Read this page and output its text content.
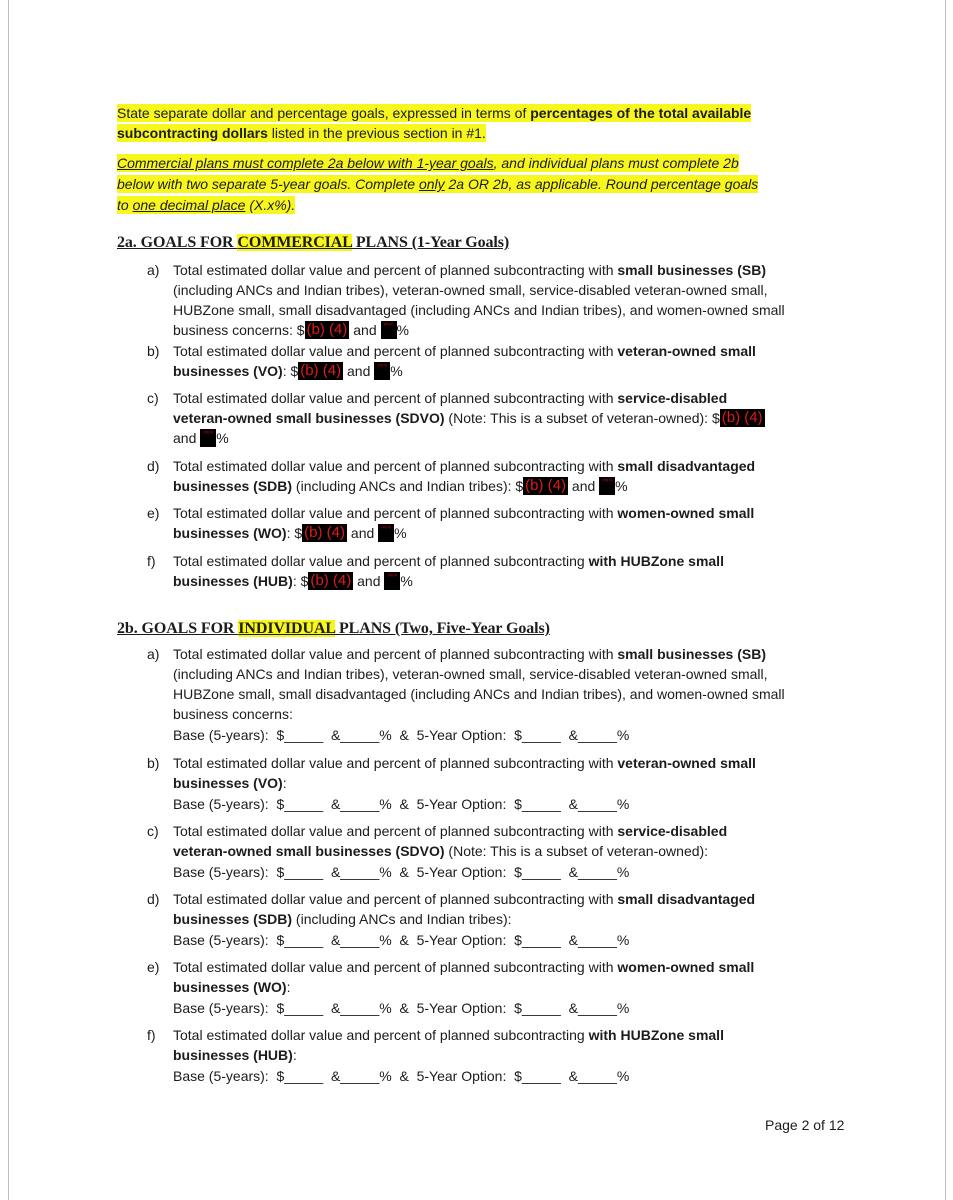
State separate dollar and percentage goals, expressed in terms of percentages of the total available
subcontracting dollars listed in the previous section in #1.
Commercial plans must complete 2a below with 1-year goals, and individual plans must complete 2b
below with two separate 5-year goals. Complete only 2a OR 2b, as applicable. Round percentage goals
to one decimal place (X.x%).
2a. GOALS FOR COMMERCIAL PLANS (1-Year Goals)
a) Total estimated dollar value and percent of planned subcontracting with small businesses (SB)
(including ANCs and Indian tribes), veteran-owned small, service-disabled veteran-owned small,
HUBZone small, small disadvantaged (including ANCs and Indian tribes), and women-owned small
business concerns: $ (b) (4) and (b)(4) %
b) Total estimated dollar value and percent of planned subcontracting with veteran-owned small
businesses (VO): $ (b) (4) and (b)(4) %
c) Total estimated dollar value and percent of planned subcontracting with service-disabled
veteran-owned small businesses (SDVO) (Note: This is a subset of veteran-owned): $ (b) (4)
and (b)(4) %
d) Total estimated dollar value and percent of planned subcontracting with small disadvantaged
businesses (SDB) (including ANCs and Indian tribes): $ (b) (4) and (b)(4) %
e) Total estimated dollar value and percent of planned subcontracting with women-owned small
businesses (WO): $ (b) (4) and (b)(4) %
f) Total estimated dollar value and percent of planned subcontracting with HUBZone small
businesses (HUB): $ (b) (4) and (b)(4) %
2b. GOALS FOR INDIVIDUAL PLANS (Two, Five-Year Goals)
a) Total estimated dollar value and percent of planned subcontracting with small businesses (SB)
(including ANCs and Indian tribes), veteran-owned small, service-disabled veteran-owned small,
HUBZone small, small disadvantaged (including ANCs and Indian tribes), and women-owned small
business concerns:
Base (5-years):  $_____  &_____%  &  5-Year Option:  $_____  &_____%
b) Total estimated dollar value and percent of planned subcontracting with veteran-owned small
businesses (VO):
Base (5-years):  $_____  &_____%  &  5-Year Option:  $_____  &_____%
c) Total estimated dollar value and percent of planned subcontracting with service-disabled
veteran-owned small businesses (SDVO) (Note: This is a subset of veteran-owned):
Base (5-years):  $_____  &_____%  &  5-Year Option:  $_____  &_____%
d) Total estimated dollar value and percent of planned subcontracting with small disadvantaged
businesses (SDB) (including ANCs and Indian tribes):
Base (5-years):  $_____  &_____%  &  5-Year Option:  $_____  &_____%
e) Total estimated dollar value and percent of planned subcontracting with women-owned small
businesses (WO):
Base (5-years):  $_____  &_____%  &  5-Year Option:  $_____  &_____%
f) Total estimated dollar value and percent of planned subcontracting with HUBZone small
businesses (HUB):
Base (5-years):  $_____  &_____%  &  5-Year Option:  $_____  &_____%
Page 2 of 12
